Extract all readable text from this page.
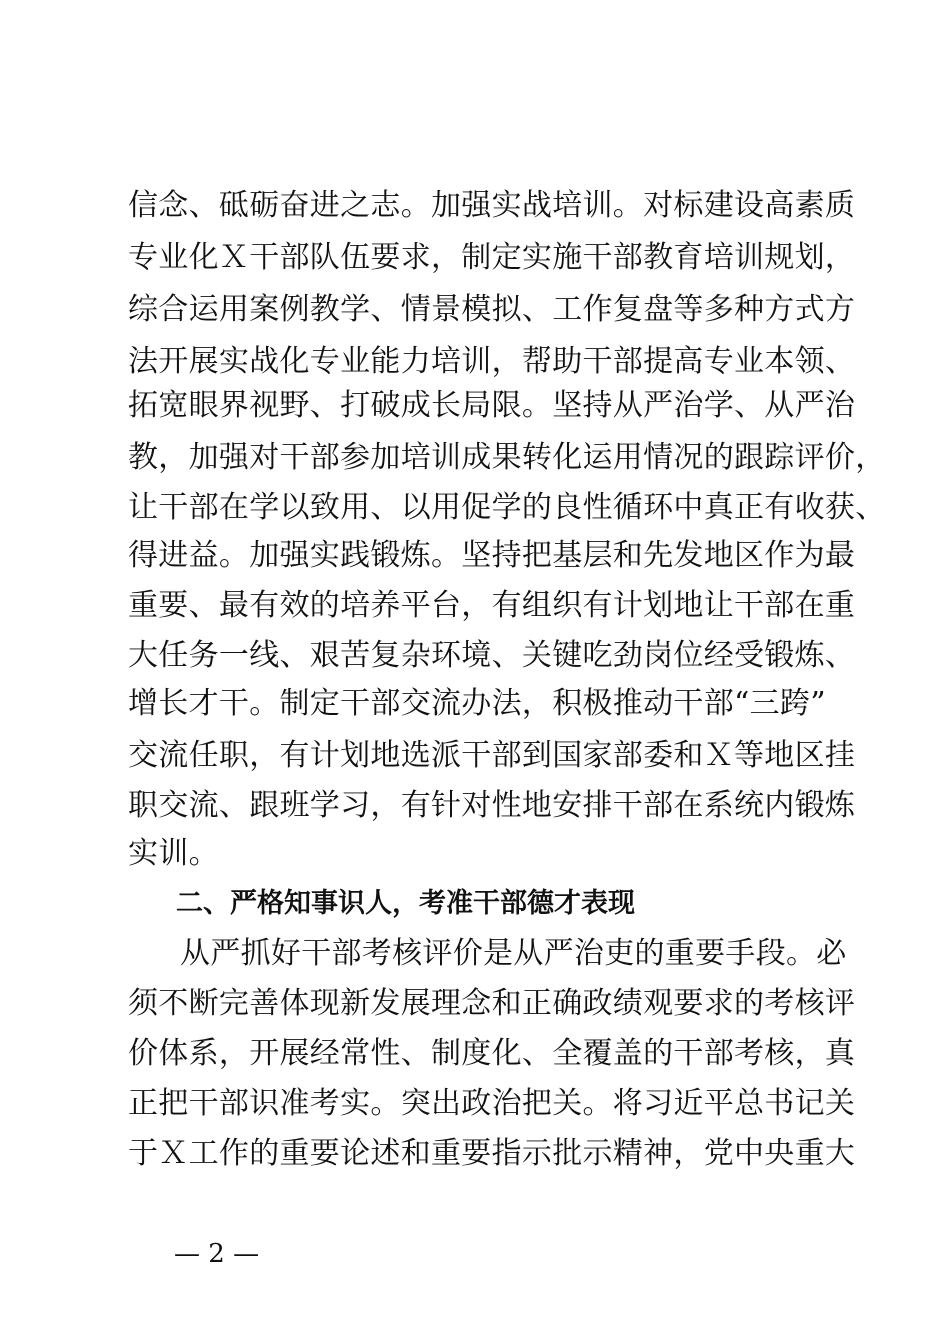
信念、砥砺奋进之志。加强实战培训。对标建设高素质
专业化Ｘ干部队伍要求，制定实施干部教育培训规划，
综合运用案例教学、情景模拟、工作复盘等多种方式方
法开展实战化专业能力培训，帮助干部提高专业本领、
拓宽眼界视野、打破成长局限。坚持从严治学、从严治
教，加强对干部参加培训成果转化运用情况的跟踪评价，
让干部在学以致用、以用促学的良性循环中真正有收获、
得进益。加强实践锻炼。坚持把基层和先发地区作为最
重要、最有效的培养平台，有组织有计划地让干部在重
大任务一线、艰苦复杂环境、关键吃劲岗位经受锻炼、
增长才干。制定干部交流办法，积极推动干部“三跨”
交流任职，有计划地选派干部到国家部委和Ｘ等地区挂
职交流、跟班学习，有针对性地安排干部在系统内锻炼
实训。
二、严格知事识人，考准干部德才表现
从严抓好干部考核评价是从严治吏的重要手段。必
须不断完善体现新发展理念和正确政绩观要求的考核评
价体系，开展经常性、制度化、全覆盖的干部考核，真
正把干部识准考实。突出政治把关。将习近平总书记关
于Ｘ工作的重要论述和重要指示批示精神，党中央重大
— 2 —
